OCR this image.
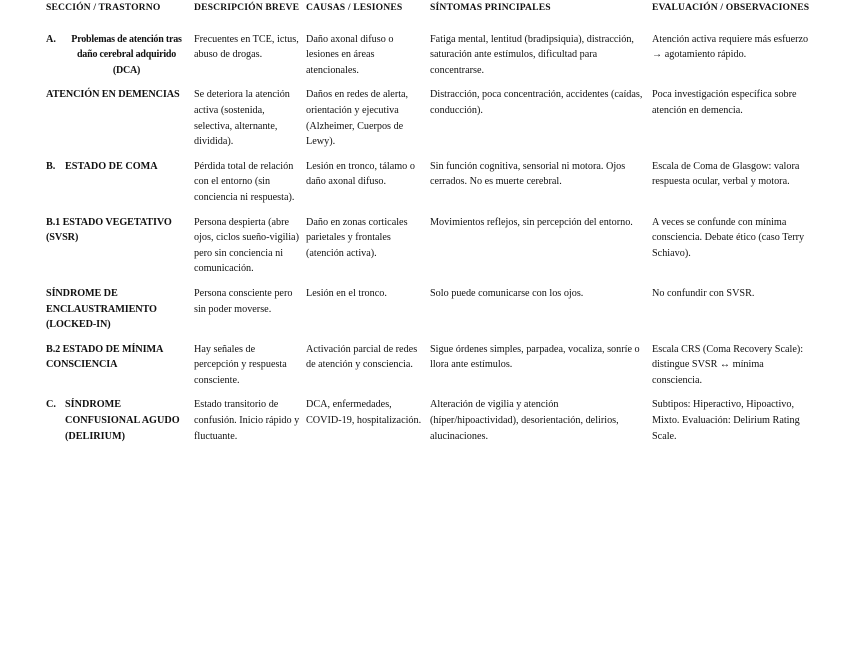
SECCIÓN / TRASTORNO	DESCRIPCIÓN BREVE	CAUSAS / LESIONES	SÍNTOMAS PRINCIPALES	EVALUACIÓN / OBSERVACIONES

A. Problemas de atención tras daño cerebral adquirido (DCA)	Frecuentes en TCE, ictus, abuso de drogas.	Daño axonal difuso o lesiones en áreas atencionales.	Fatiga mental, lentitud (bradipsiquia), distracción, saturación ante estímulos, dificultad para concentrarse.	Atención activa requiere más esfuerzo → agotamiento rápido.
ATENCIÓN EN DEMENCIAS	Se deteriora la atención activa (sostenida, selectiva, alternante, dividida).	Daños en redes de alerta, orientación y ejecutiva (Alzheimer, Cuerpos de Lewy).	Distracción, poca concentración, accidentes (caídas, conducción).	Poca investigación específica sobre atención en demencia.

B. ESTADO DE COMA	Pérdida total de relación con el entorno (sin conciencia ni respuesta).	Lesión en tronco, tálamo o daño axonal difuso.	Sin función cognitiva, sensorial ni motora. Ojos cerrados. No es muerte cerebral.	Escala de Coma de Glasgow: valora respuesta ocular, verbal y motora.
B.1 ESTADO VEGETATIVO (SVSR)	Persona despierta (abre ojos, ciclos sueño-vigilia) pero sin conciencia ni comunicación.	Daño en zonas corticales parietales y frontales (atención activa).	Movimientos reflejos, sin percepción del entorno.	A veces se confunde con mínima consciencia. Debate ético (caso Terry Schiavo).
SÍNDROME DE ENCLAUSTRAMIENTO (LOCKED-IN)	Persona consciente pero sin poder moverse.	Lesión en el tronco.	Solo puede comunicarse con los ojos.	No confundir con SVSR.
B.2 ESTADO DE MÍNIMA CONSCIENCIA	Hay señales de percepción y respuesta consciente.	Activación parcial de redes de atención y consciencia.	Sigue órdenes simples, parpadea, vocaliza, sonríe o llora ante estímulos.	Escala CRS (Coma Recovery Scale): distingue SVSR ↔ mínima consciencia.

C. SÍNDROME CONFUSIONAL AGUDO (DELIRIUM)	Estado transitorio de confusión. Inicio rápido y fluctuante.	DCA, enfermedades, COVID-19, hospitalización.	Alteración de vigilia y atención (híper/hipoactividad), desorientación, delirios, alucinaciones.	Subtipos: Hiperactivo, Hipoactivo, Mixto. Evaluación: Delirium Rating Scale.
